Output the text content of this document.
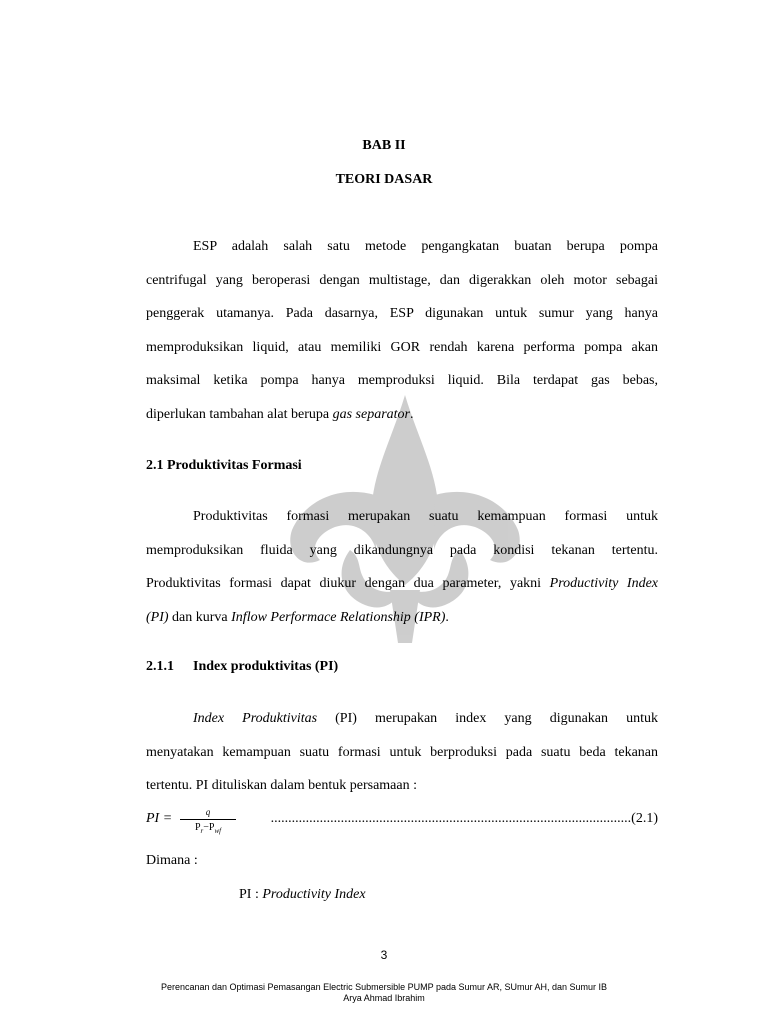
BAB II
TEORI DASAR
ESP adalah salah satu metode pengangkatan buatan berupa pompa
centrifugal yang beroperasi dengan multistage, dan digerakkan oleh motor sebagai
penggerak utamanya. Pada dasarnya, ESP digunakan untuk sumur yang hanya
memproduksikan liquid, atau memiliki GOR rendah karena performa pompa akan
maksimal ketika pompa hanya memproduksi liquid. Bila terdapat gas bebas,
diperlukan tambahan alat berupa gas separator.
2.1 Produktivitas Formasi
Produktivitas formasi merupakan suatu kemampuan formasi untuk
memproduksikan fluida yang dikandungnya pada kondisi tekanan tertentu.
Produktivitas formasi dapat diukur dengan dua parameter, yakni Productivity Index
(PI) dan kurva Inflow Performace Relationship (IPR).
2.1.1 Index produktivitas (PI)
Index Produktivitas (PI) merupakan index yang digunakan untuk
menyatakan kemampuan suatu formasi untuk berproduksi pada suatu beda tekanan
tertentu. PI dituliskan dalam bentuk persamaan :
PI =	q
$P_r-P_{wf}$
.......................................................................................................(2.1)
Dimana :
PI : Productivity Index
3
Perencanan dan Optimasi Pemasangan Electric Submersible PUMP pada Sumur AR, SUmur AH, dan Sumur IB
Arya Ahmad Ibrahim
